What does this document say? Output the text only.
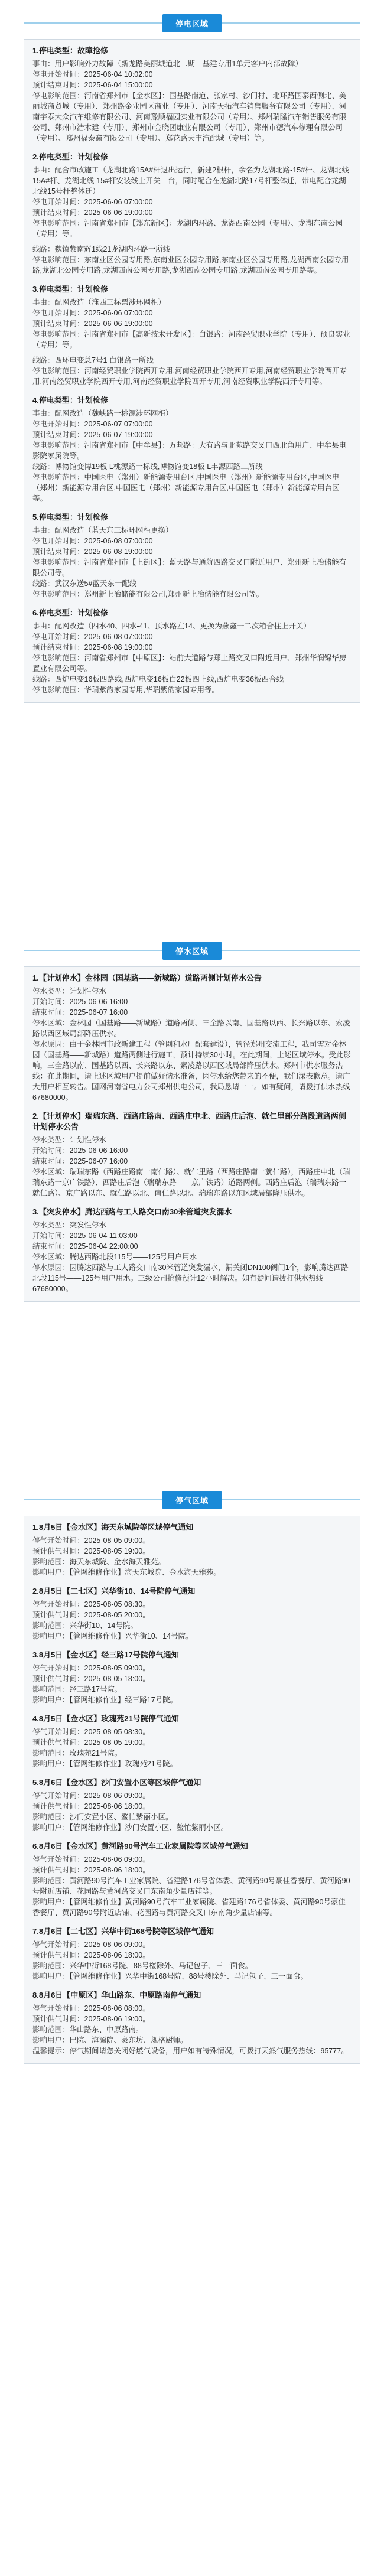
停电区域
1.停电类型：故障抢修

事由：用户影响外力故障（新龙路美丽城道北二期一基建专用1单元客户内部故障）

停电开始时间：2025-06-04 10:02:00

预计结束时间：2025-06-04 15:00:00

停电影响范围：河南省郑州市【金水区】：国基路南道、张家村、沙门村、北环路国泰西侧北、美丽城商贸城（专用）、郑州路金业园区商业（专用）、河南天拓汽车销售服务有限公司（专用）、河南宇泰大众汽车维修有限公司、河南豫顺福园实业有限公司（专用）、郑州瑞隆汽车销售服务有限公司、郑州市浩木建（专用）、郑州市金晓团康业有限公司（专用）、郑州市德汽车修理有限公司（专用）、郑州福泰鑫有限公司（专用）、郑花路天丰汽配城（专用）等。

2.停电类型：计划检修

事由：配合市政施工（龙湖北路15A#杆退出运行，新建2根杆，余名为龙湖北路-15#杆、龙湖北线15A#杆、龙湖北线-15#杆安装线上开关一台，同时配合在龙湖北路17号杆整体迁，带电配合龙湖北线15号杆整体迁）

停电开始时间：2025-06-06 07:00:00

预计结束时间：2025-06-06 19:00:00

停电影响范围：河南省郑州市【郑东新区】：龙湖内环路、龙湖西南公园（专用）、龙湖东南公园（专用）等。

线路：魏镇紫南辉1线21龙湖内环路一所线

停电影响范围：东南业区公园专用路,东南业区公园专用路,东南业区公园专用路,龙湖西南公园专用路,龙湖北公园专用路,龙湖西南公园专用路,龙湖西南公园专用路,龙湖西南公园专用路等。

3.停电类型：计划检修

事由：配网改造（淮西三标票涉环网柜）

停电开始时间：2025-06-06 07:00:00

预计结束时间：2025-06-06 19:00:00

停电影响范围：河南省郑州市【高新技术开发区】：白银路：河南经贸职业学院（专用）、硕良实业（专用）等。

线路：西环电变总7号1 白银路一所线

停电影响范围：河南经贸职业学院西开专用,河南经贸职业学院西开专用,河南经贸职业学院西开专用,河南经贸职业学院西开专用,河南经贸职业学院西开专用,河南经贸职业学院西开专用等。

4.停电类型：计划检修

事由：配网改造（魏峡路一桃源涉环网柜）

停电开始时间：2025-06-07 07:00:00

预计结束时间：2025-06-07 19:00:00

停电影响范围：河南省郑州市【中牟县】：万邦路：大有路与北苑路交叉口西北角用户、中牟县电影院家属院等。

线路：博物馆变博19板 L桃源路一标线,博物馆变18板 L丰源西路二所线

停电影响范围：中国医电（郑州）新能源专用台区,中国医电（郑州）新能源专用台区,中国医电（郑州）新能源专用台区,中国医电（郑州）新能源专用台区,中国医电（郑州）新能源专用台区等。

5.停电类型：计划检修

事由：配网改造（蓝天东三标环网柜更换）

停电开始时间：2025-06-08 07:00:00

预计结束时间：2025-06-08 19:00:00

停电影响范围：河南省郑州市【上街区】：蓝天路与通航四路交叉口附近用户、郑州新上冶储能有限公司等。

线路：武汉东送5#蓝天东一配线

停电影响范围：郑州新上冶储能有限公司,郑州新上冶储能有限公司等。

6.停电类型：计划检修

事由：配网改造（四水40、四水-41、顶水路左14、更换为燕鑫一二次箱合柱上开关）

停电开始时间：2025-06-08 07:00:00

预计结束时间：2025-06-08 19:00:00

停电影响范围：河南省郑州市【中原区】：站前大道路与郑上路交叉口附近用户、郑州华润锦华房置业有限公司等。

线路：西炉电变16板四路线,西炉电变16板白22板四上线,西炉电变36板西合线

停电影响范围：华瑞紫韵家园专用,华瑞紫韵家园专用等。

停水区域
1.【计划停水】金林园（国基路——新城路）道路两侧计划停水公告

停水类型：计划性停水

开始时间：2025-06-06 16:00

结束时间：2025-06-07 16:00

停水区域：金林园（国基路——新城路）道路两侧、三全路以南、国基路以西、长兴路以东、索凌路以西区域局部降压供水。

停水原因：由于金林园市政新建工程（管网和水厂配套建设），管径郑州交流工程，我司需对金林园（国基路——新城路）道路两侧进行施工，预计持续30小时。在此期间，上述区域停水。受此影响，三全路以南、国基路以西、长兴路以东、索凌路以西区域局部降压供水。郑州市供水服务热线：在此期间，请上述区域用户提前做好储水准备，因停水给您带来的不便，我们深表歉意。请广大用户相互转告。国网河南省电力公司郑州供电公司，我局恳请一一。如有疑问，请拨打供水热线67680000。

2.【计划停水】瑞瑞东路、西路庄路南、西路庄中北、西路庄后泡、就仁里部分路段道路两侧计划停水公告

停水类型：计划性停水

开始时间：2025-06-06 16:00

结束时间：2025-06-07 16:00

停水区域：瑞瑞东路（西路庄路南一南仁路）、就仁里路（西路庄路南一就仁路），西路庄中北（瑞瑞东路一京广铁路）、西路庄后泡（瑞瑞东路——京广铁路）道路两侧。西路庄后泡（瑞瑞东路一就仁路）、京广路以东、就仁路以北、南仁路以北、瑞瑞东路以东区域局部降压供水。

3.【突发停水】腾达西路与工人路交口南30米管道突发漏水

停水类型：突发性停水

开始时间：2025-06-04 11:03:00

结束时间：2025-06-04 22:00:00

停水区域：腾达西路北段115号——125号用户用水

停水原因：因腾达西路与工人路交口南30米管道突发漏水，漏关闭DN100阀门1个，影响腾达西路北段115号——125号用户用水。三级公司抢修预计12小时解决。如有疑问请拨打供水热线67680000。

停气区域
1.8月5日【金水区】海天东城院等区域停气通知

停气开始时间：2025-08-05 09:00。

预计供气时间：2025-08-05 19:00。

影响范围：海天东城院、金水海天雅苑。

影响用户：【管网维修作业】海天东城院、金水海天雅苑。

2.8月5日【二七区】兴华街10、14号院停气通知

停气开始时间：2025-08-05 08:30。

预计供气时间：2025-08-05 20:00。

影响范围：兴华街10、14号院。

影响用户：【管网维修作业】兴华街10、14号院。

3.8月5日【金水区】经三路17号院停气通知

停气开始时间：2025-08-05 09:00。

预计供气时间：2025-08-05 18:00。

影响范围：经三路17号院。

影响用户：【管网维修作业】经三路17号院。

4.8月5日【金水区】玫瑰苑21号院停气通知

停气开始时间：2025-08-05 08:30。

预计供气时间：2025-08-05 19:00。

影响范围：玫瑰苑21号院。

影响用户：【管网维修作业】玫瑰苑21号院。

5.8月6日【金水区】沙门安置小区等区域停气通知

停气开始时间：2025-08-06 09:00。

预计供气时间：2025-08-06 18:00。

影响范围：沙门安置小区、鳌忙紫丽小区。

影响用户：【管网维修作业】沙门安置小区、鳌忙紫丽小区。

6.8月6日【金水区】黄河路90号汽车工业家属院等区域停气通知

停气开始时间：2025-08-06 09:00。

预计供气时间：2025-08-06 18:00。

影响范围：黄河路90号汽车工业家属院、省建路176号省体委、黄河路90号豪佳香餐厅、黄河路90号附近店铺、花园路与黄河路交叉口东南角少量店铺等。

影响用户：【管网维修作业】黄河路90号汽车工业家属院、省建路176号省体委、黄河路90号豪佳香餐厅、黄河路90号附近店铺、花园路与黄河路交叉口东南角少量店铺等。

7.8月6日【二七区】兴华中街168号院等区域停气通知

停气开始时间：2025-08-06 09:00。

预计供气时间：2025-08-06 18:00。

影响范围：兴华中街168号院、88号楼除外、马记包子、三一面食。

影响用户：【管网维修作业】兴华中街168号院、88号楼除外、马记包子、三一面食。

8.8月6日【中原区】华山路东、中原路南停气通知

停气开始时间：2025-08-06 08:00。

预计供气时间：2025-08-06 19:00。

影响范围：华山路东、中原路南。

影响用户：巴院、海源院、豪东坊、规格厨师。

温馨提示：停气期间请您关闭好燃气设备，用户如有特殊情况，可拨打天然气服务热线：95777。
